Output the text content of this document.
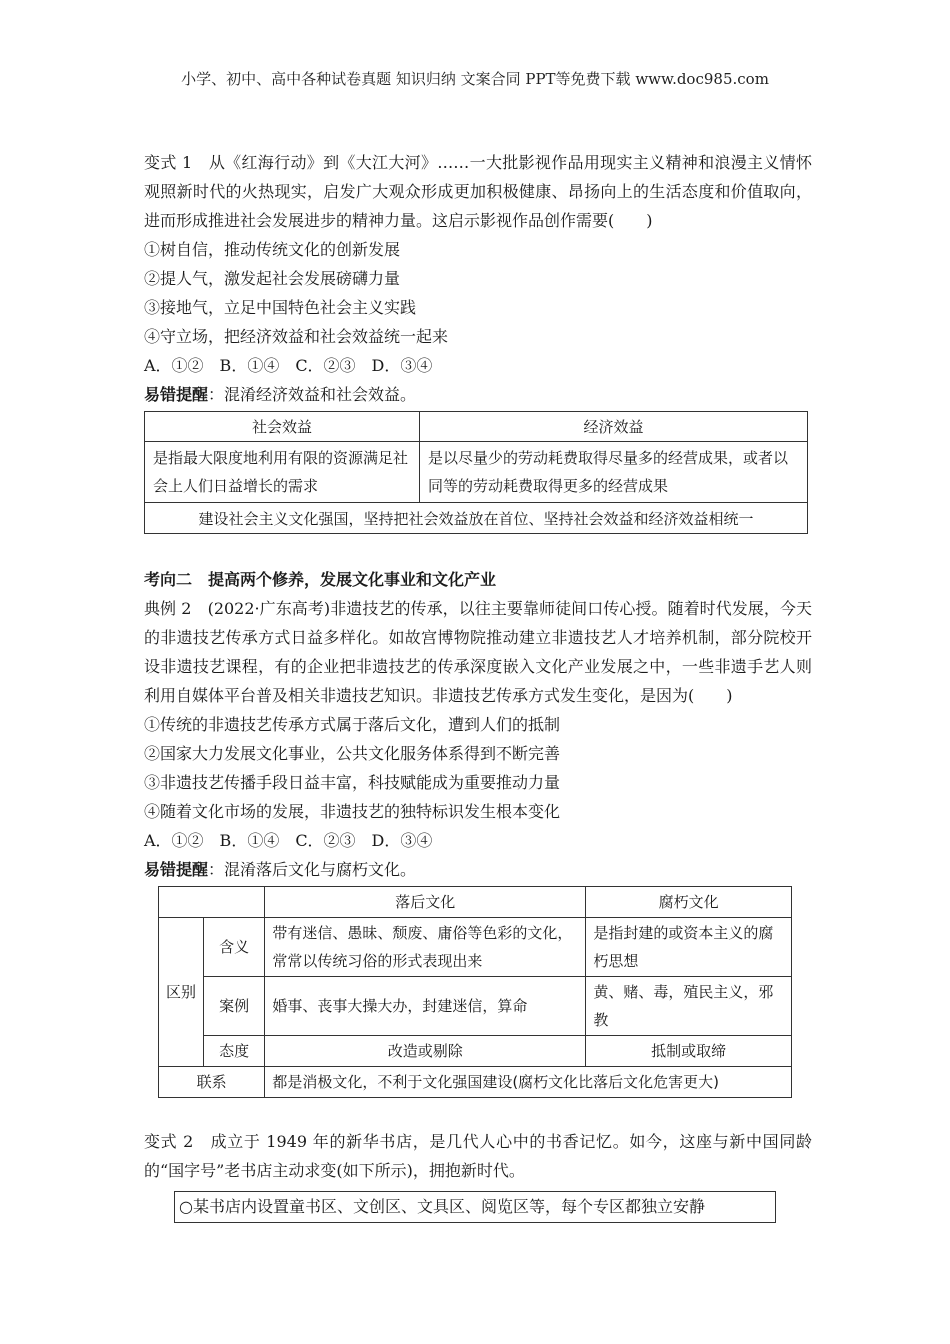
小学、初中、高中各种试卷真题 知识归纳 文案合同 PPT等免费下载 www.doc985.com

变式 1　从《红海行动》到《大江大河》……一大批影视作品用现实主义精神和浪漫主义情怀观照新时代的火热现实，启发广大观众形成更加积极健康、昂扬向上的生活态度和价值取向，进而形成推进社会发展进步的精神力量。这启示影视作品创作需要(　　)

①树自信，推动传统文化的创新发展

②提人气，激发起社会发展磅礴力量

③接地气，立足中国特色社会主义实践

④守立场，把经济效益和社会效益统一起来

A．①②　B．①④　C．②③　D．③④

易错提醒：混淆经济效益和社会效益。

社会效益	经济效益
是指最大限度地利用有限的资源满足社会上人们日益增长的需求	是以尽量少的劳动耗费取得尽量多的经营成果，或者以同等的劳动耗费取得更多的经营成果
建设社会主义文化强国，坚持把社会效益放在首位、坚持社会效益和经济效益相统一	

考向二　提高两个修养，发展文化事业和文化产业

典例 2　(2022·广东高考)非遗技艺的传承，以往主要靠师徒间口传心授。随着时代发展，今天的非遗技艺传承方式日益多样化。如故宫博物院推动建立非遗技艺人才培养机制，部分院校开设非遗技艺课程，有的企业把非遗技艺的传承深度嵌入文化产业发展之中，一些非遗手艺人则利用自媒体平台普及相关非遗技艺知识。非遗技艺传承方式发生变化，是因为(　　)

①传统的非遗技艺传承方式属于落后文化，遭到人们的抵制

②国家大力发展文化事业，公共文化服务体系得到不断完善

③非遗技艺传播手段日益丰富，科技赋能成为重要推动力量

④随着文化市场的发展，非遗技艺的独特标识发生根本变化

A．①②　B．①④　C．②③　D．③④

易错提醒：混淆落后文化与腐朽文化。

		落后文化	腐朽文化
区别	含义	带有迷信、愚昧、颓废、庸俗等色彩的文化，常常以传统习俗的形式表现出来	是指封建的或资本主义的腐朽思想
	案例	婚事、丧事大操大办，封建迷信，算命	黄、赌、毒，殖民主义，邪教
	态度	改造或剔除	抵制或取缔
联系		都是消极文化，不利于文化强国建设(腐朽文化比落后文化危害更大)	

变式 2　成立于 1949 年的新华书店，是几代人心中的书香记忆。如今，这座与新中国同龄的“国字号”老书店主动求变(如下所示)，拥抱新时代。

○某书店内设置童书区、文创区、文具区、阅览区等，每个专区都独立安静
